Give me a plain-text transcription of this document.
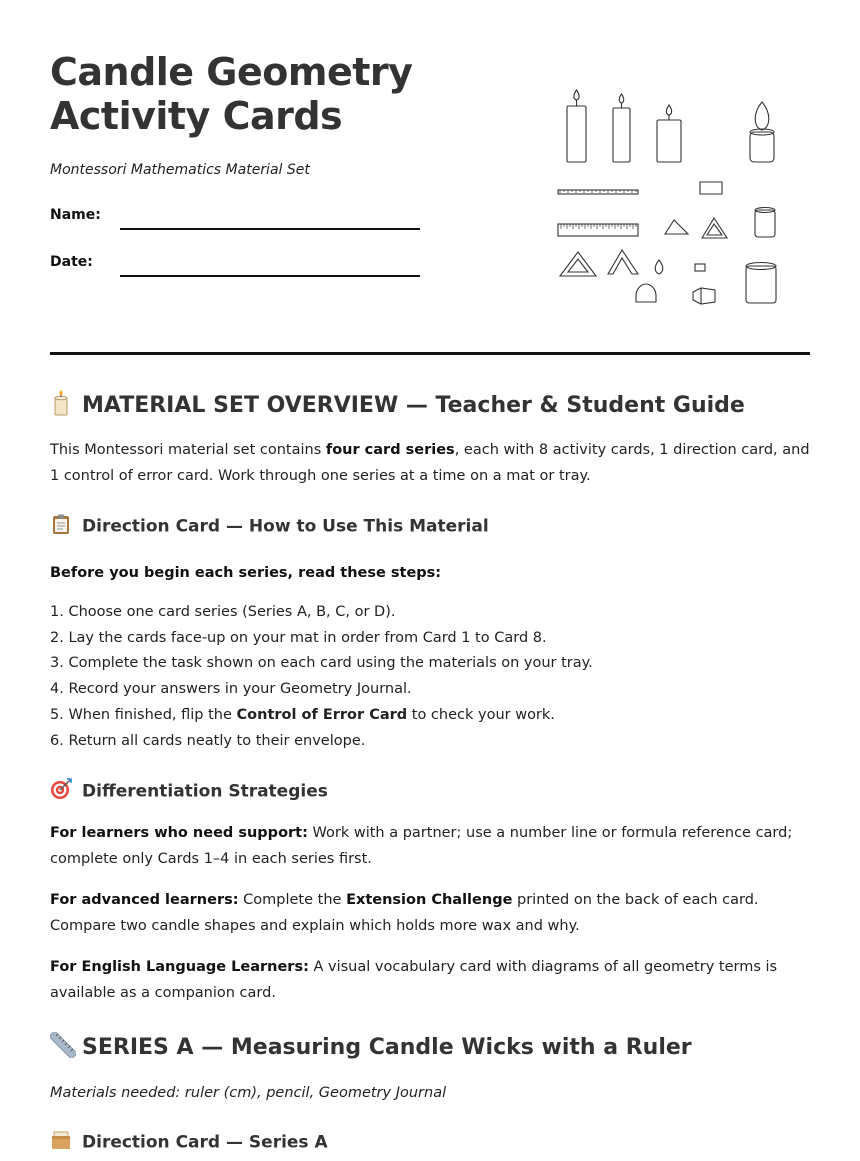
Candle Geometry
Activity Cards
Montessori Mathematics Material Set
Name:
Date:
MATERIAL SET OVERVIEW — Teacher & Student Guide

This Montessori material set contains four card series, each with 8 activity cards, 1 direction card, and 1 control of error card. Work through one series at a time on a mat or tray.

Direction Card — How to Use This Material

Before you begin each series, read these steps:

1. Choose one card series (Series A, B, C, or D).
2. Lay the cards face-up on your mat in order from Card 1 to Card 8.
3. Complete the task shown on each card using the materials on your tray.
4. Record your answers in your Geometry Journal.
5. When finished, flip the Control of Error Card to check your work.
6. Return all cards neatly to their envelope.
Differentiation Strategies

For learners who need support: Work with a partner; use a number line or formula reference card; complete only Cards 1–4 in each series first.

For advanced learners: Complete the Extension Challenge printed on the back of each card. Compare two candle shapes and explain which holds more wax and why.

For English Language Learners: A visual vocabulary card with diagrams of all geometry terms is available as a companion card.

SERIES A — Measuring Candle Wicks with a Ruler

Materials needed: ruler (cm), pencil, Geometry Journal

Direction Card — Series A
